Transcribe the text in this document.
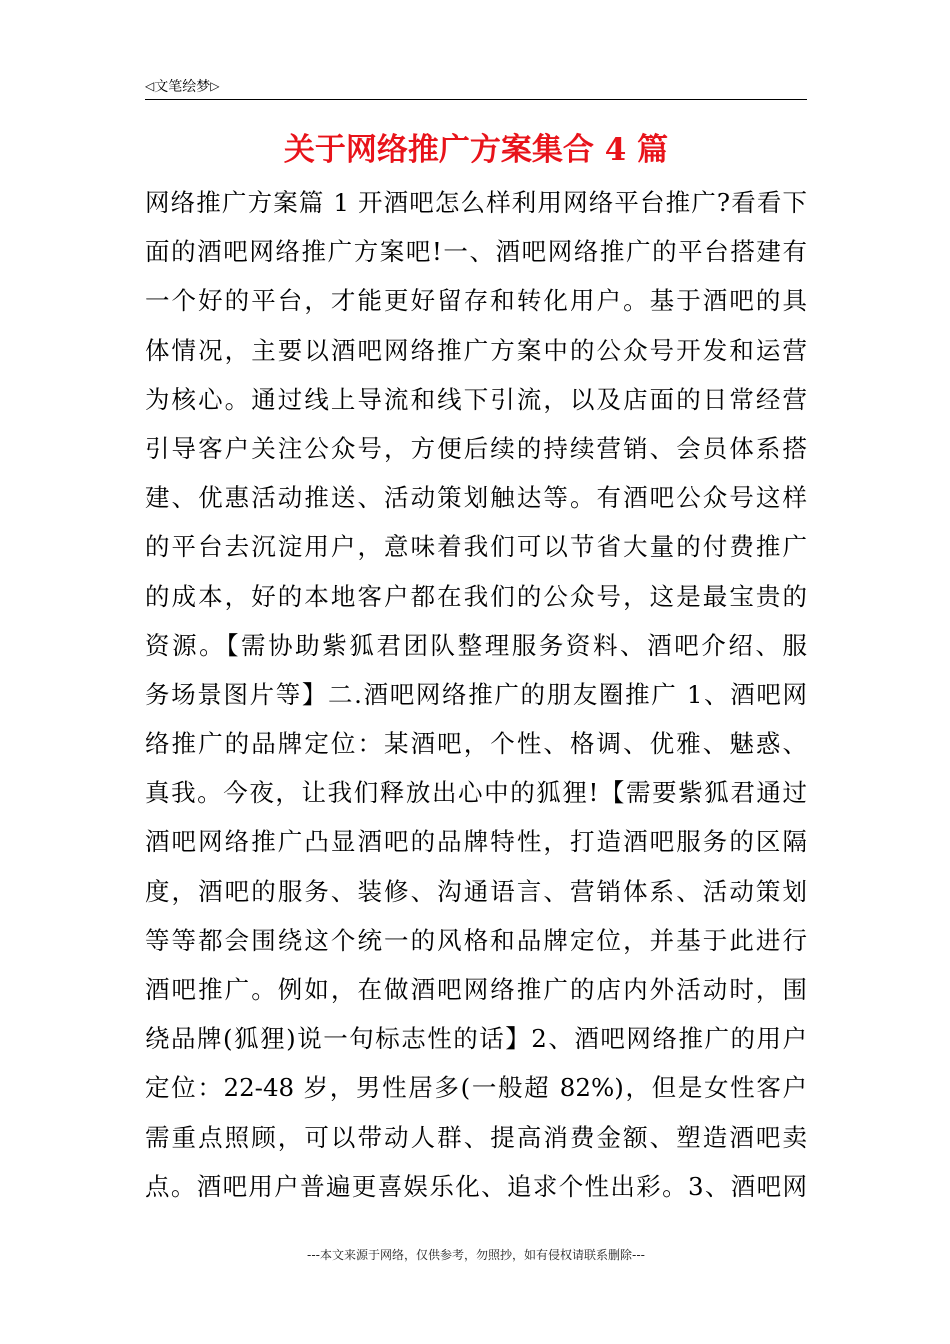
◁ 文笔绘梦 ▷
关于网络推广方案集合 4 篇
网络推广方案篇 1 开酒吧怎么样利用网络平台推广?看看下
面的酒吧网络推广方案吧!一、酒吧网络推广的平台搭建有
一个好的平台，才能更好留存和转化用户。基于酒吧的具
体情况，主要以酒吧网络推广方案中的公众号开发和运营
为核心。通过线上导流和线下引流，以及店面的日常经营
引导客户关注公众号，方便后续的持续营销、会员体系搭
建、优惠活动推送、活动策划触达等。有酒吧公众号这样
的平台去沉淀用户，意味着我们可以节省大量的付费推广
的成本，好的本地客户都在我们的公众号，这是最宝贵的
资源。【需协助紫狐君团队整理服务资料、酒吧介绍、服
务场景图片等】二.酒吧网络推广的朋友圈推广 1、酒吧网
络推广的品牌定位：某酒吧，个性、格调、优雅、魅惑、
真我。今夜，让我们释放出心中的狐狸!【需要紫狐君通过
酒吧网络推广凸显酒吧的品牌特性，打造酒吧服务的区隔
度，酒吧的服务、装修、沟通语言、营销体系、活动策划
等等都会围绕这个统一的风格和品牌定位，并基于此进行
酒吧推广。例如，在做酒吧网络推广的店内外活动时，围
绕品牌(狐狸)说一句标志性的话】2、酒吧网络推广的用户
定位：22-48 岁，男性居多(一般超 82%)，但是女性客户
需重点照顾，可以带动人群、提高消费金额、塑造酒吧卖
点。酒吧用户普遍更喜娱乐化、追求个性出彩。3、酒吧网
---本文来源于网络，仅供参考，勿照抄，如有侵权请联系删除---
